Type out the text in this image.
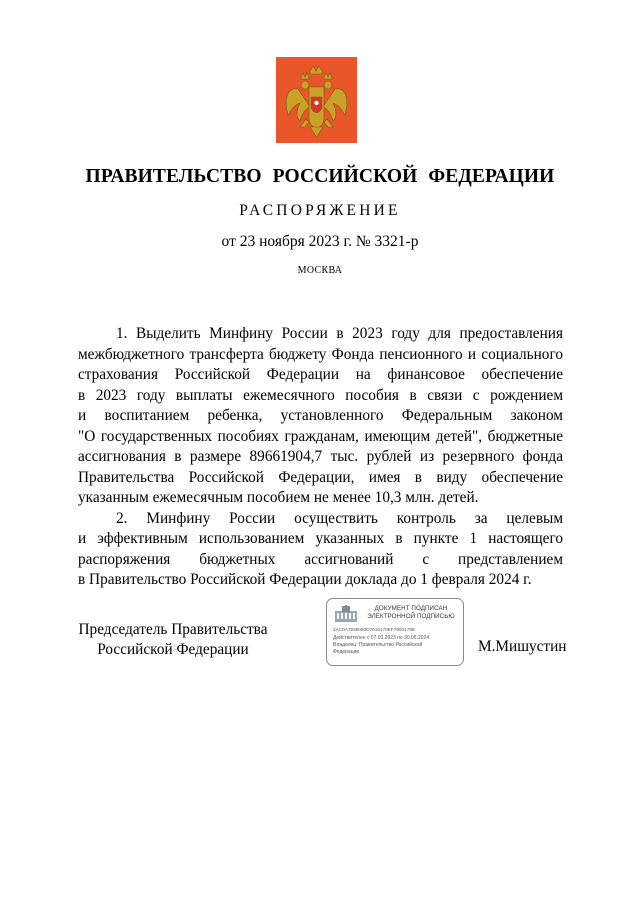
ПРАВИТЕЛЬСТВО РОССИЙСКОЙ ФЕДЕРАЦИИ
РАСПОРЯЖЕНИЕ
от 23 ноября 2023 г. № 3321-р
МОСКВА
1. Выделить Минфину России в 2023 году для предоставления
межбюджетного трансферта бюджету Фонда пенсионного и социального
страхования Российской Федерации на финансовое обеспечение
в 2023 году выплаты ежемесячного пособия в связи с рождением
и воспитанием ребенка, установленного Федеральным законом
"О государственных пособиях гражданам, имеющим детей", бюджетные
ассигнования в размере 89661904,7 тыс. рублей из резервного фонда
Правительства Российской Федерации, имея в виду обеспечение
указанным ежемесячным пособием не менее 10,3 млн. детей.
2. Минфину России осуществить контроль за целевым
и эффективным использованием указанных в пункте 1 настоящего
распоряжения бюджетных ассигнований с представлением
в Правительство Российской Федерации доклада до 1 февраля 2024 г.
Председатель Правительства
Российской Федерации
ДОКУМЕНТ ПОДПИСАН
ЭЛЕКТРОННОЙ ПОДПИСЬЮ
2AC0A7935050D7616170EF7993178E
Действителен с 07.03.2023 по 30.05.2024
Владелец: Правительство Российской
Федерации	М.Мишустин
